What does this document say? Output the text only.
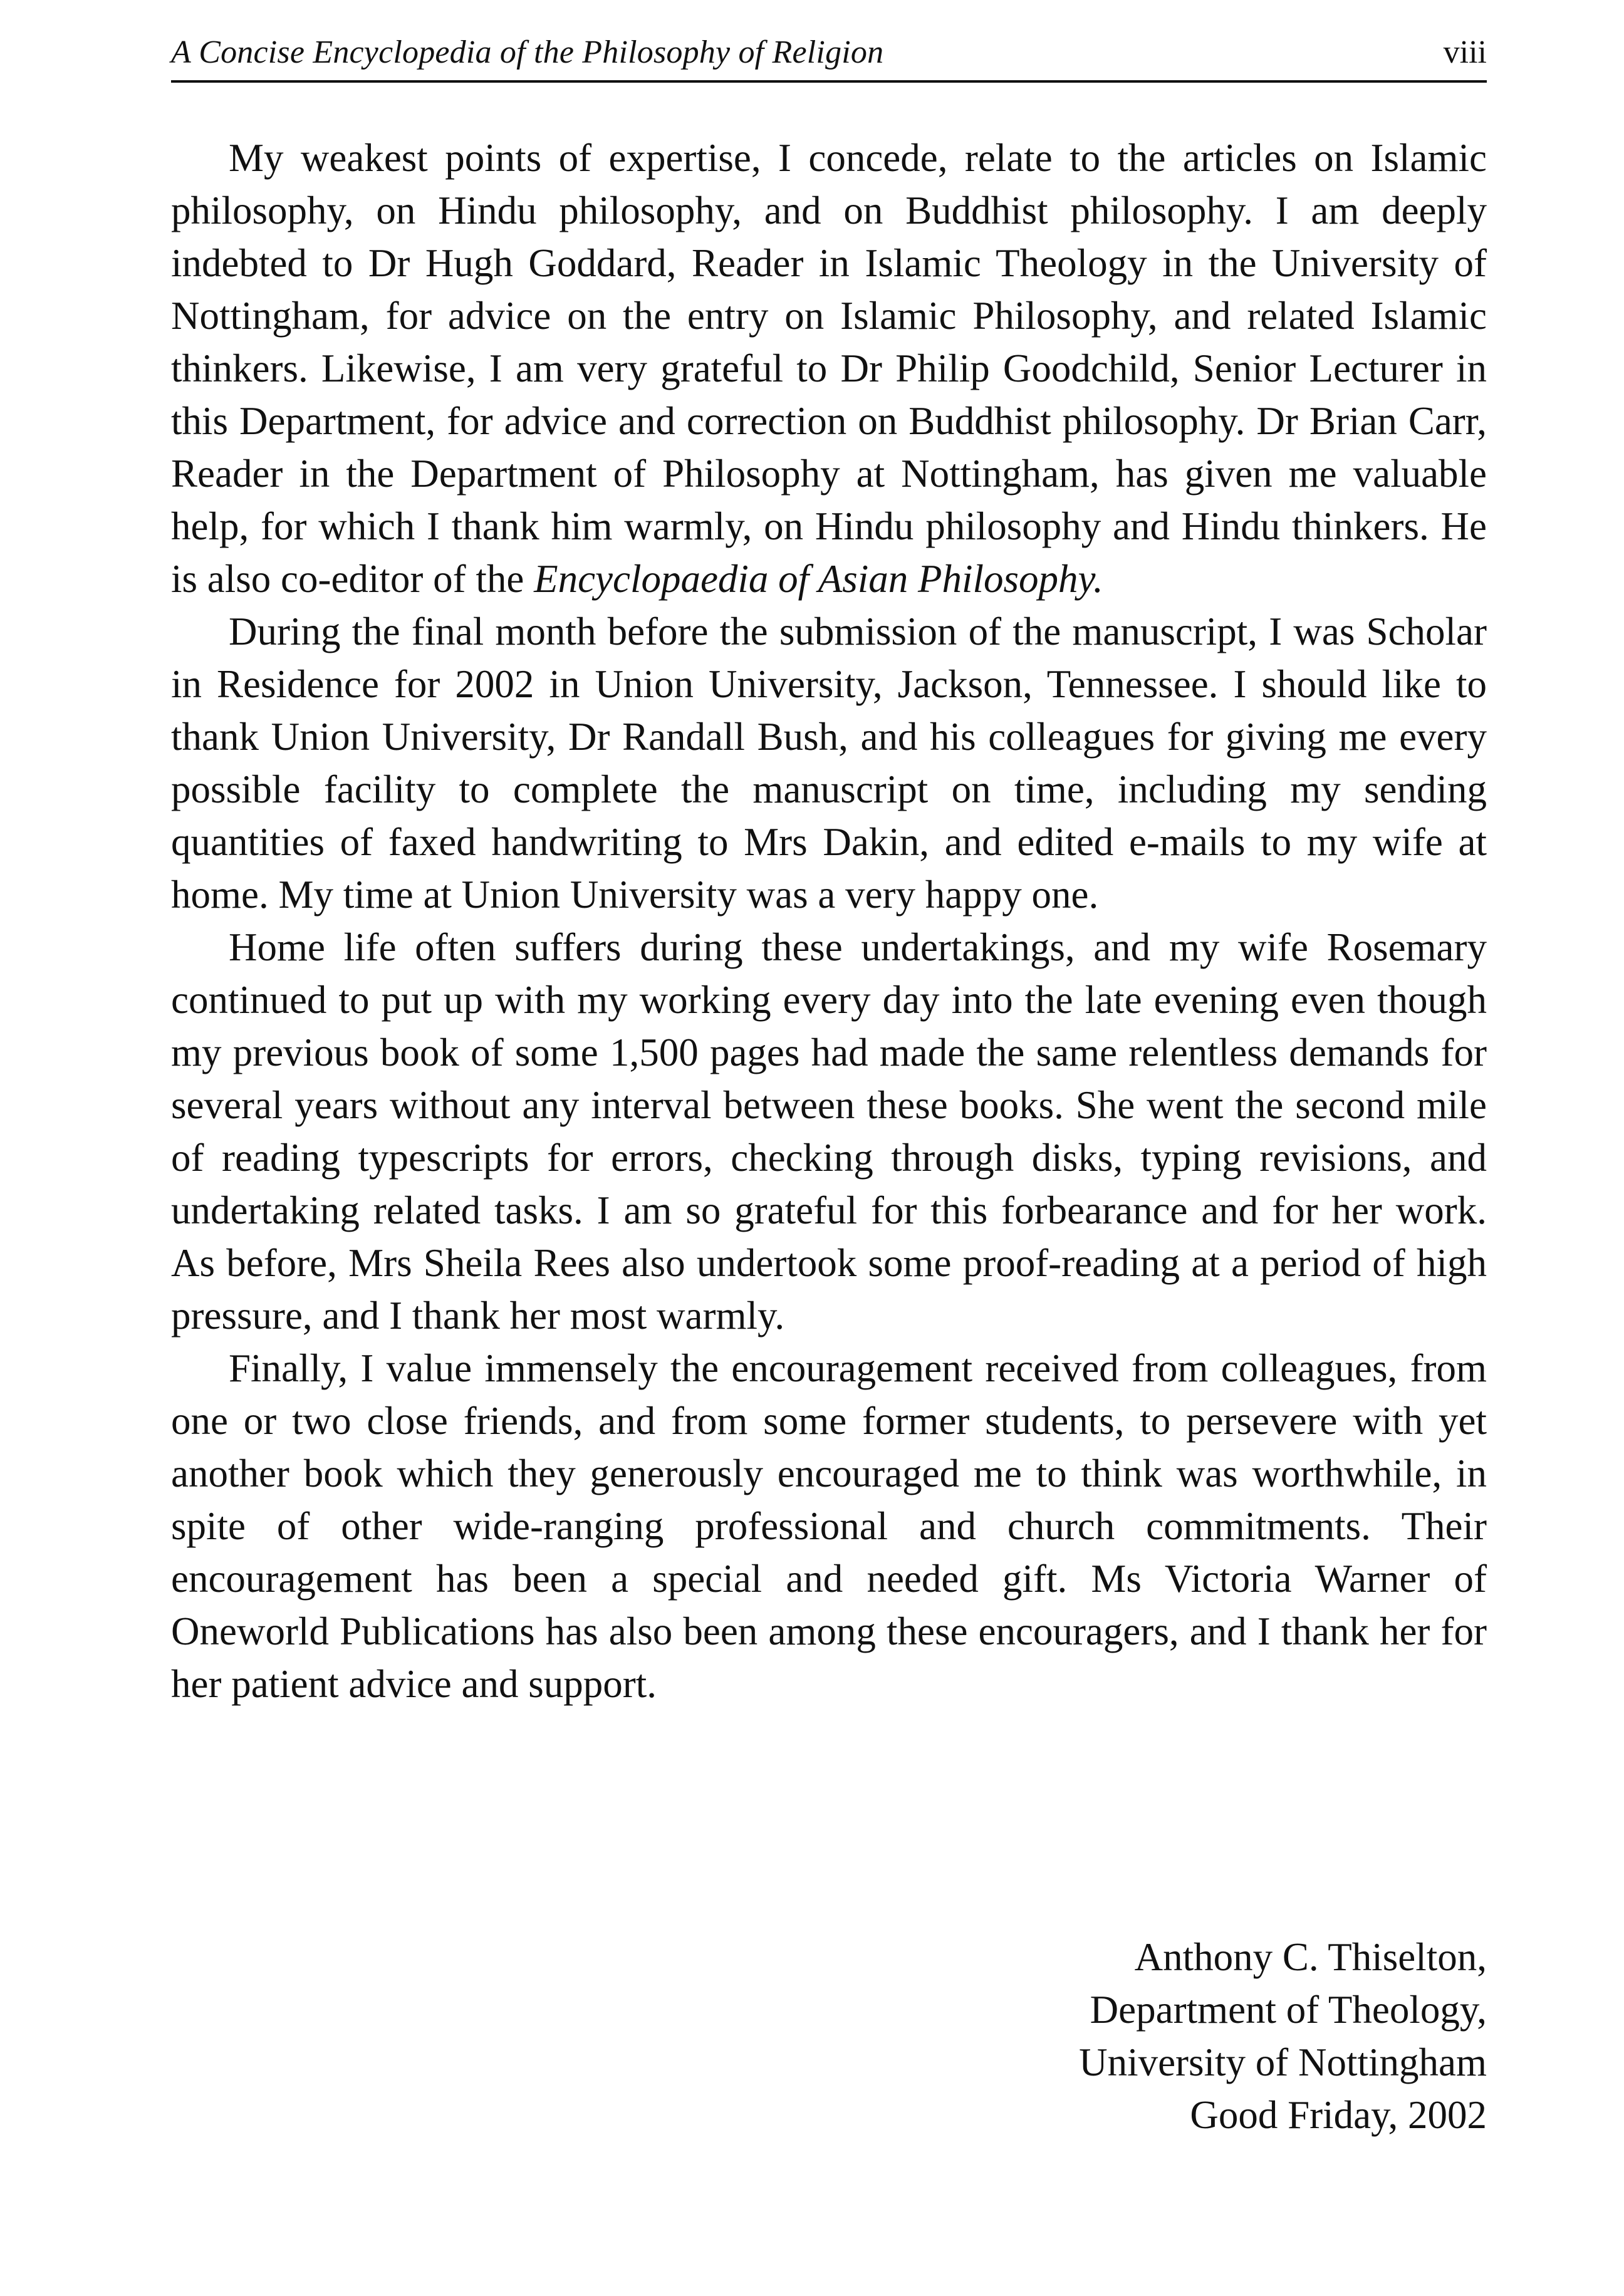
A Concise Encyclopedia of the Philosophy of Religion	viii

My weakest points of expertise, I concede, relate to the articles on Islamic philosophy, on Hindu philosophy, and on Buddhist philosophy. I am deeply indebted to Dr Hugh Goddard, Reader in Islamic Theology in the University of Nottingham, for advice on the entry on Islamic Philosophy, and related Islamic thinkers. Likewise, I am very grateful to Dr Philip Goodchild, Senior Lecturer in this Department, for advice and correction on Buddhist philosophy. Dr Brian Carr, Reader in the Department of Philosophy at Nottingham, has given me valuable help, for which I thank him warmly, on Hindu philosophy and Hindu thinkers. He is also co-editor of the Encyclopaedia of Asian Philosophy.

During the final month before the submission of the manuscript, I was Scholar in Residence for 2002 in Union University, Jackson, Tennessee. I should like to thank Union University, Dr Randall Bush, and his colleagues for giving me every possible facility to complete the manuscript on time, including my sending quantities of faxed handwriting to Mrs Dakin, and edited e-mails to my wife at home. My time at Union University was a very happy one.

Home life often suffers during these undertakings, and my wife Rosemary continued to put up with my working every day into the late evening even though my previous book of some 1,500 pages had made the same relentless demands for several years without any interval between these books. She went the second mile of reading typescripts for errors, checking through disks, typing revisions, and undertaking related tasks. I am so grateful for this forbearance and for her work. As before, Mrs Sheila Rees also undertook some proof-reading at a period of high pressure, and I thank her most warmly.

Finally, I value immensely the encouragement received from colleagues, from one or two close friends, and from some former students, to persevere with yet another book which they generously encouraged me to think was worthwhile, in spite of other wide-ranging professional and church commitments. Their encouragement has been a special and needed gift. Ms Victoria Warner of Oneworld Publications has also been among these encouragers, and I thank her for her patient advice and support.

Anthony C. Thiselton,
Department of Theology,
University of Nottingham
Good Friday, 2002
